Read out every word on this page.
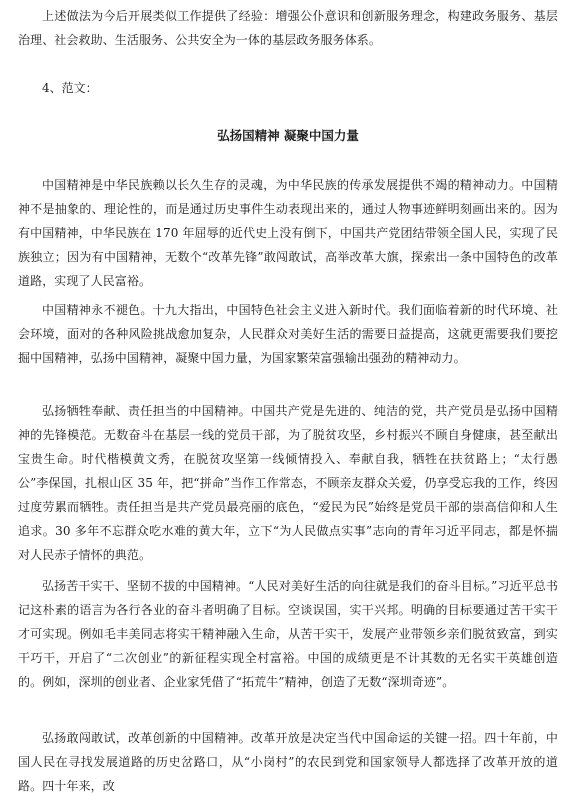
上述做法为今后开展类似工作提供了经验：增强公仆意识和创新服务理念，构建政务服务、基层治理、社会救助、生活服务、公共安全为一体的基层政务服务体系。

4、范文：

弘扬国精神 凝聚中国力量

中国精神是中华民族赖以长久生存的灵魂，为中华民族的传承发展提供不竭的精神动力。中国精神不是抽象的、理论性的，而是通过历史事件生动表现出来的，通过人物事迹鲜明刻画出来的。因为有中国精神，中华民族在 170 年屈辱的近代史上没有倒下，中国共产党团结带领全国人民，实现了民族独立；因为有中国精神，无数个“改革先锋”敢闯敢试，高举改革大旗，探索出一条中国特色的改革道路，实现了人民富裕。

中国精神永不褪色。十九大指出，中国特色社会主义进入新时代。我们面临着新的时代环境、社会环境，面对的各种风险挑战愈加复杂，人民群众对美好生活的需要日益提高，这就更需要我们要挖掘中国精神，弘扬中国精神，凝聚中国力量，为国家繁荣富强输出强劲的精神动力。

弘扬牺牲奉献、责任担当的中国精神。中国共产党是先进的、纯洁的党，共产党员是弘扬中国精神的先锋模范。无数奋斗在基层一线的党员干部，为了脱贫攻坚，乡村振兴不顾自身健康，甚至献出宝贵生命。时代楷模黄文秀，在脱贫攻坚第一线倾情投入、奉献自我，牺牲在扶贫路上；“太行愚公”李保国，扎根山区 35 年，把“拼命”当作工作常态，不顾亲友群众关爱，仍享受忘我的工作，终因过度劳累而牺牲。责任担当是共产党员最亮丽的底色，“爱民为民”始终是党员干部的崇高信仰和人生追求。30 多年不忘群众吃水难的黄大年，立下“为人民做点实事”志向的青年习近平同志，都是怀揣对人民赤子情怀的典范。

弘扬苦干实干、坚韧不拔的中国精神。“人民对美好生活的向往就是我们的奋斗目标。”习近平总书记这朴素的语言为各行各业的奋斗者明确了目标。空谈误国，实干兴邦。明确的目标要通过苦干实干才可实现。例如毛丰美同志将实干精神融入生命，从苦干实干，发展产业带领乡亲们脱贫致富，到实干巧干，开启了“二次创业”的新征程实现全村富裕。中国的成绩更是不计其数的无名实干英雄创造的。例如，深圳的创业者、企业家凭借了“拓荒牛”精神，创造了无数“深圳奇迹”。

弘扬敢闯敢试，改革创新的中国精神。改革开放是决定当代中国命运的关键一招。四十年前，中国人民在寻找发展道路的历史岔路口，从“小岗村”的农民到党和国家领导人都选择了改革开放的道路。四十年来，改
